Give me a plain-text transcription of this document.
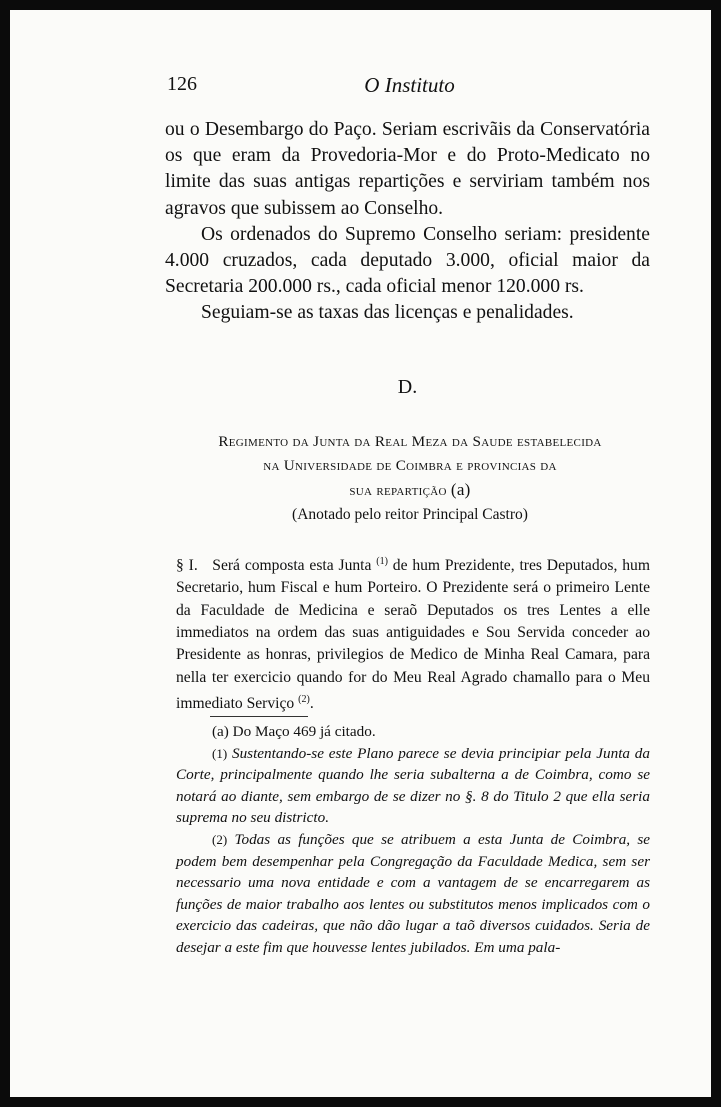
126	O Instituto

ou o Desembargo do Paço. Seriam escrivãis da Conservatória os que eram da Provedoria-Mor e do Proto-Medicato no limite das suas antigas repartições e serviriam também nos agravos que subissem ao Conselho.

Os ordenados do Supremo Conselho seriam: presidente 4.000 cruzados, cada deputado 3.000, oficial maior da Secretaria 200.000 rs., cada oficial menor 120.000 rs.

Seguiam-se as taxas das licenças e penalidades.

D.
Regimento da Junta da Real Meza da Saude estabelecida
na Universidade de Coimbra e provincias da
sua repartição (a)
(Anotado pelo reitor Principal Castro)
§ I. Será composta esta Junta $^{(1)}$ de hum Prezidente, tres Deputados, hum Secretario, hum Fiscal e hum Porteiro. O Prezidente será o primeiro Lente da Faculdade de Medicina e seraõ Deputados os tres Lentes a elle immediatos na ordem das suas antiguidades e Sou Servida conceder ao Presidente as honras, privilegios de Medico de Minha Real Camara, para nella ter exercicio quando for do Meu Real Agrado chamallo para o Meu immediato Serviço $^{(2)}$.

(a) Do Maço 469 já citado.

(1) Sustentando-se este Plano parece se devia principiar pela Junta da Corte, principalmente quando lhe seria subalterna a de Coimbra, como se notará ao diante, sem embargo de se dizer no §. 8 do Titulo 2 que ella seria suprema no seu districto.

(2) Todas as funções que se atribuem a esta Junta de Coimbra, se podem bem desempenhar pela Congregação da Faculdade Medica, sem ser necessario uma nova entidade e com a vantagem de se encarregarem as funções de maior trabalho aos lentes ou substitutos menos implicados com o exercicio das cadeiras, que não dão lugar a taõ diversos cuidados. Seria de desejar a este fim que houvesse lentes jubilados. Em uma pala-
